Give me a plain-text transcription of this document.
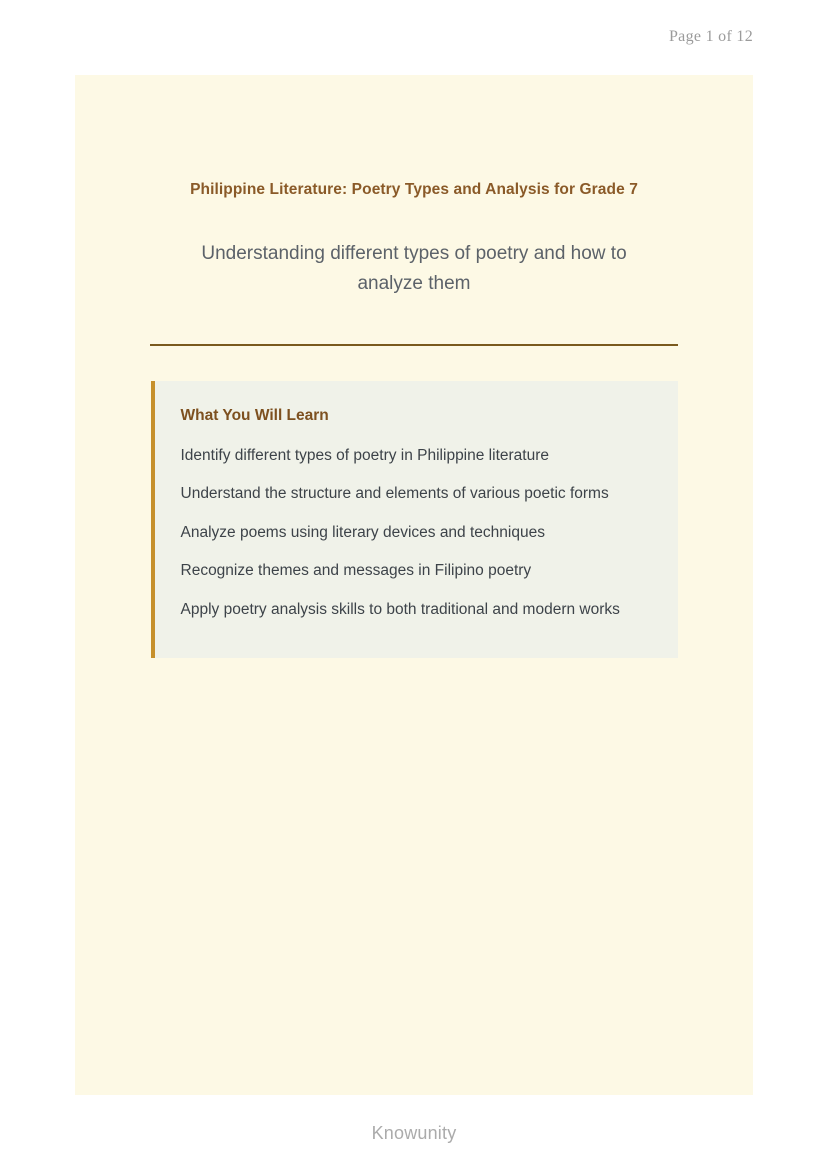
Page 1 of 12
Philippine Literature: Poetry Types and Analysis for Grade 7
Understanding different types of poetry and how to analyze them
What You Will Learn
Identify different types of poetry in Philippine literature
Understand the structure and elements of various poetic forms
Analyze poems using literary devices and techniques
Recognize themes and messages in Filipino poetry
Apply poetry analysis skills to both traditional and modern works
Knowunity
